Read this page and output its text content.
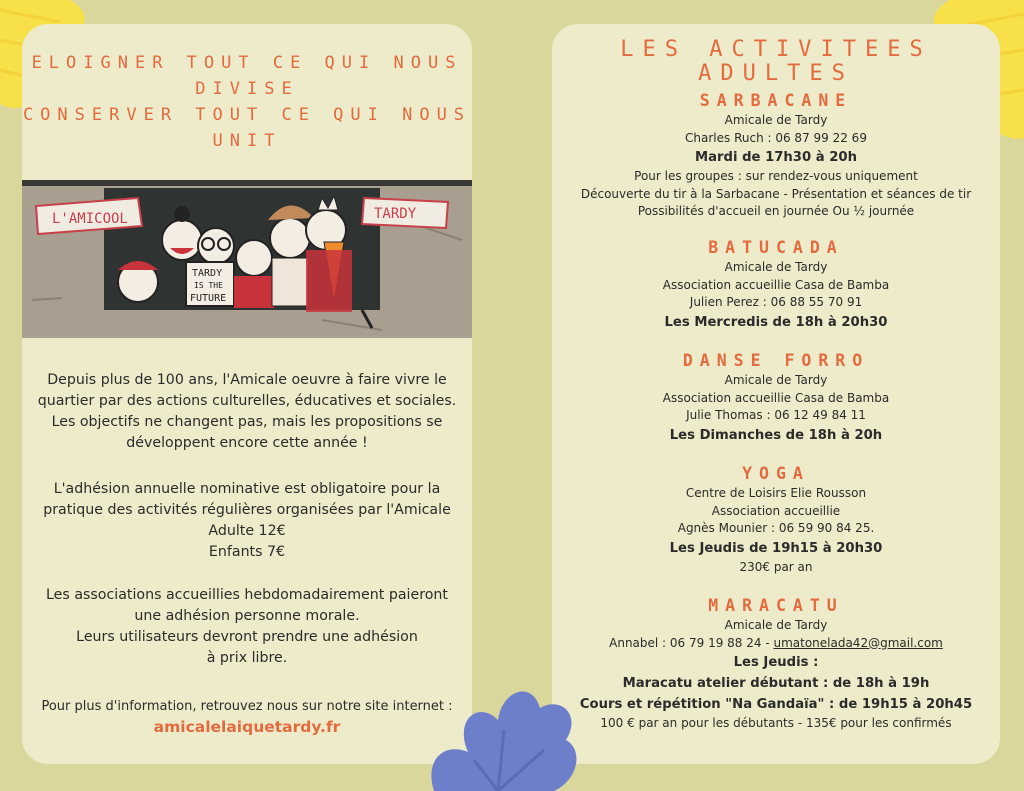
ELOIGNER TOUT CE QUI NOUS
DIVISE
CONSERVER TOUT CE QUI NOUS
UNIT
L'AMICOOL	TARDY
TARDY
IS THE
FUTURE
Depuis plus de 100 ans, l'Amicale oeuvre à faire vivre le
quartier par des actions culturelles, éducatives et sociales.
Les objectifs ne changent pas, mais les propositions se
développent encore cette année !
L'adhésion annuelle nominative est obligatoire pour la
pratique des activités régulières organisées par l'Amicale
Adulte 12€
Enfants 7€
Les associations accueillies hebdomadairement paieront
une adhésion personne morale.
Leurs utilisateurs devront prendre une adhésion
à prix libre.
Pour plus d'information, retrouvez nous sur notre site internet :
amicalelaiquetardy.fr
LES ACTIVITEES
ADULTES
SARBACANE
Amicale de Tardy
Charles Ruch : 06 87 99 22 69
Mardi de 17h30 à 20h
Pour les groupes : sur rendez-vous uniquement
Découverte du tir à la Sarbacane - Présentation et séances de tir
Possibilités d'accueil en journée Ou ½ journée
BATUCADA
Amicale de Tardy
Association accueillie Casa de Bamba
Julien Perez : 06 88 55 70 91
Les Mercredis de 18h à 20h30
DANSE FORRO
Amicale de Tardy
Association accueillie Casa de Bamba
Julie Thomas : 06 12 49 84 11
Les Dimanches de 18h à 20h
YOGA
Centre de Loisirs Elie Rousson
Association accueillie
Agnès Mounier : 06 59 90 84 25.
Les Jeudis de 19h15 à 20h30
230€ par an
MARACATU
Amicale de Tardy
Annabel : 06 79 19 88 24 - umatonelada42@gmail.com
Les Jeudis :
Maracatu atelier débutant : de 18h à 19h
Cours et répétition "Na Gandaïa" : de 19h15 à 20h45
100 € par an pour les débutants - 135€ pour les confirmés
